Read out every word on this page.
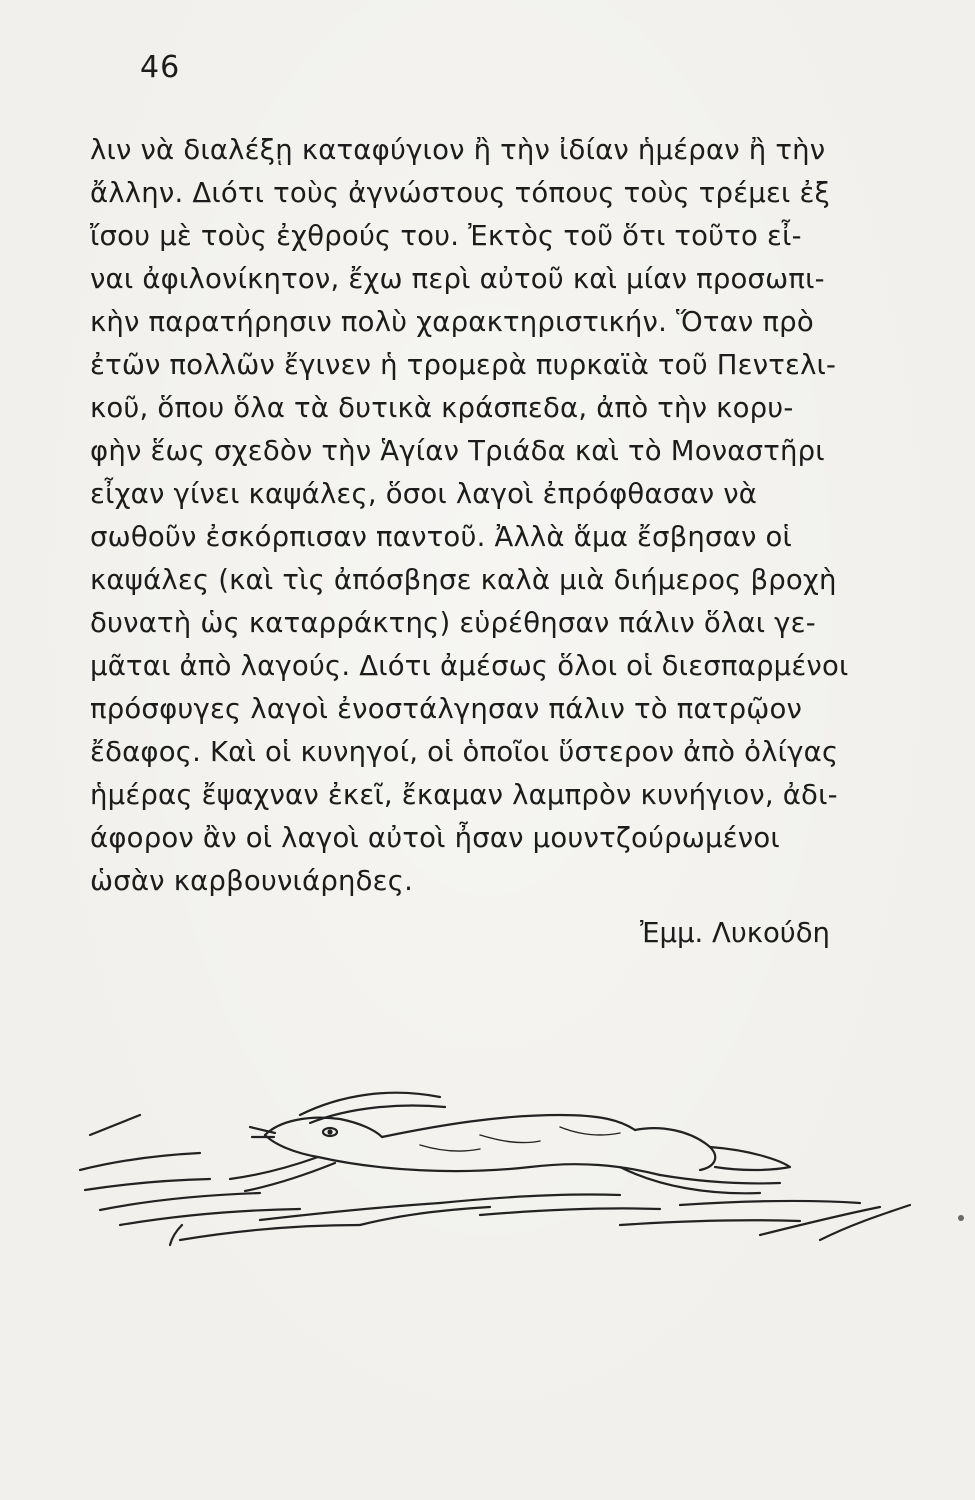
46
λιν νὰ διαλέξῃ καταφύγιον ἢ τὴν ἰδίαν ἡμέραν ἢ τὴν
ἄλλην. Διότι τοὺς ἀγνώστους τόπους τοὺς τρέμει ἐξ
ἴσου μὲ τοὺς ἐχθρούς του. Ἐκτὸς τοῦ ὅτι τοῦτο εἶ-
ναι ἀφιλονίκητον, ἔχω περὶ αὐτοῦ καὶ μίαν προσωπι-
κὴν παρατήρησιν πολὺ χαρακτηριστικήν. Ὅταν πρὸ
ἐτῶν πολλῶν ἔγινεν ἡ τρομερὰ πυρκαϊὰ τοῦ Πεντελι-
κοῦ, ὅπου ὅλα τὰ δυτικὰ κράσπεδα, ἀπὸ τὴν κορυ-
φὴν ἕως σχεδὸν τὴν Ἁγίαν Τριάδα καὶ τὸ Μοναστῆρι
εἶχαν γίνει καψάλες, ὅσοι λαγοὶ ἐπρόφθασαν νὰ
σωθοῦν ἐσκόρπισαν παντοῦ. Ἀλλὰ ἅμα ἔσβησαν οἱ
καψάλες (καὶ τὶς ἀπόσβησε καλὰ μιὰ διήμερος βροχὴ
δυνατὴ ὡς καταρράκτης) εὑρέθησαν πάλιν ὅλαι γε-
μᾶται ἀπὸ λαγούς. Διότι ἀμέσως ὅλοι οἱ διεσπαρμένοι
πρόσφυγες λαγοὶ ἐνοστάλγησαν πάλιν τὸ πατρῷον
ἔδαφος. Καὶ οἱ κυνηγοί, οἱ ὁποῖοι ὕστερον ἀπὸ ὀλίγας
ἡμέρας ἔψαχναν ἐκεῖ, ἔκαμαν λαμπρὸν κυνήγιον, ἀδι-
άφορον ἂν οἱ λαγοὶ αὐτοὶ ἦσαν μουντζούρωμένοι
ὡσὰν καρβουνιάρηδες.
Ἐμμ. Λυκούδη
